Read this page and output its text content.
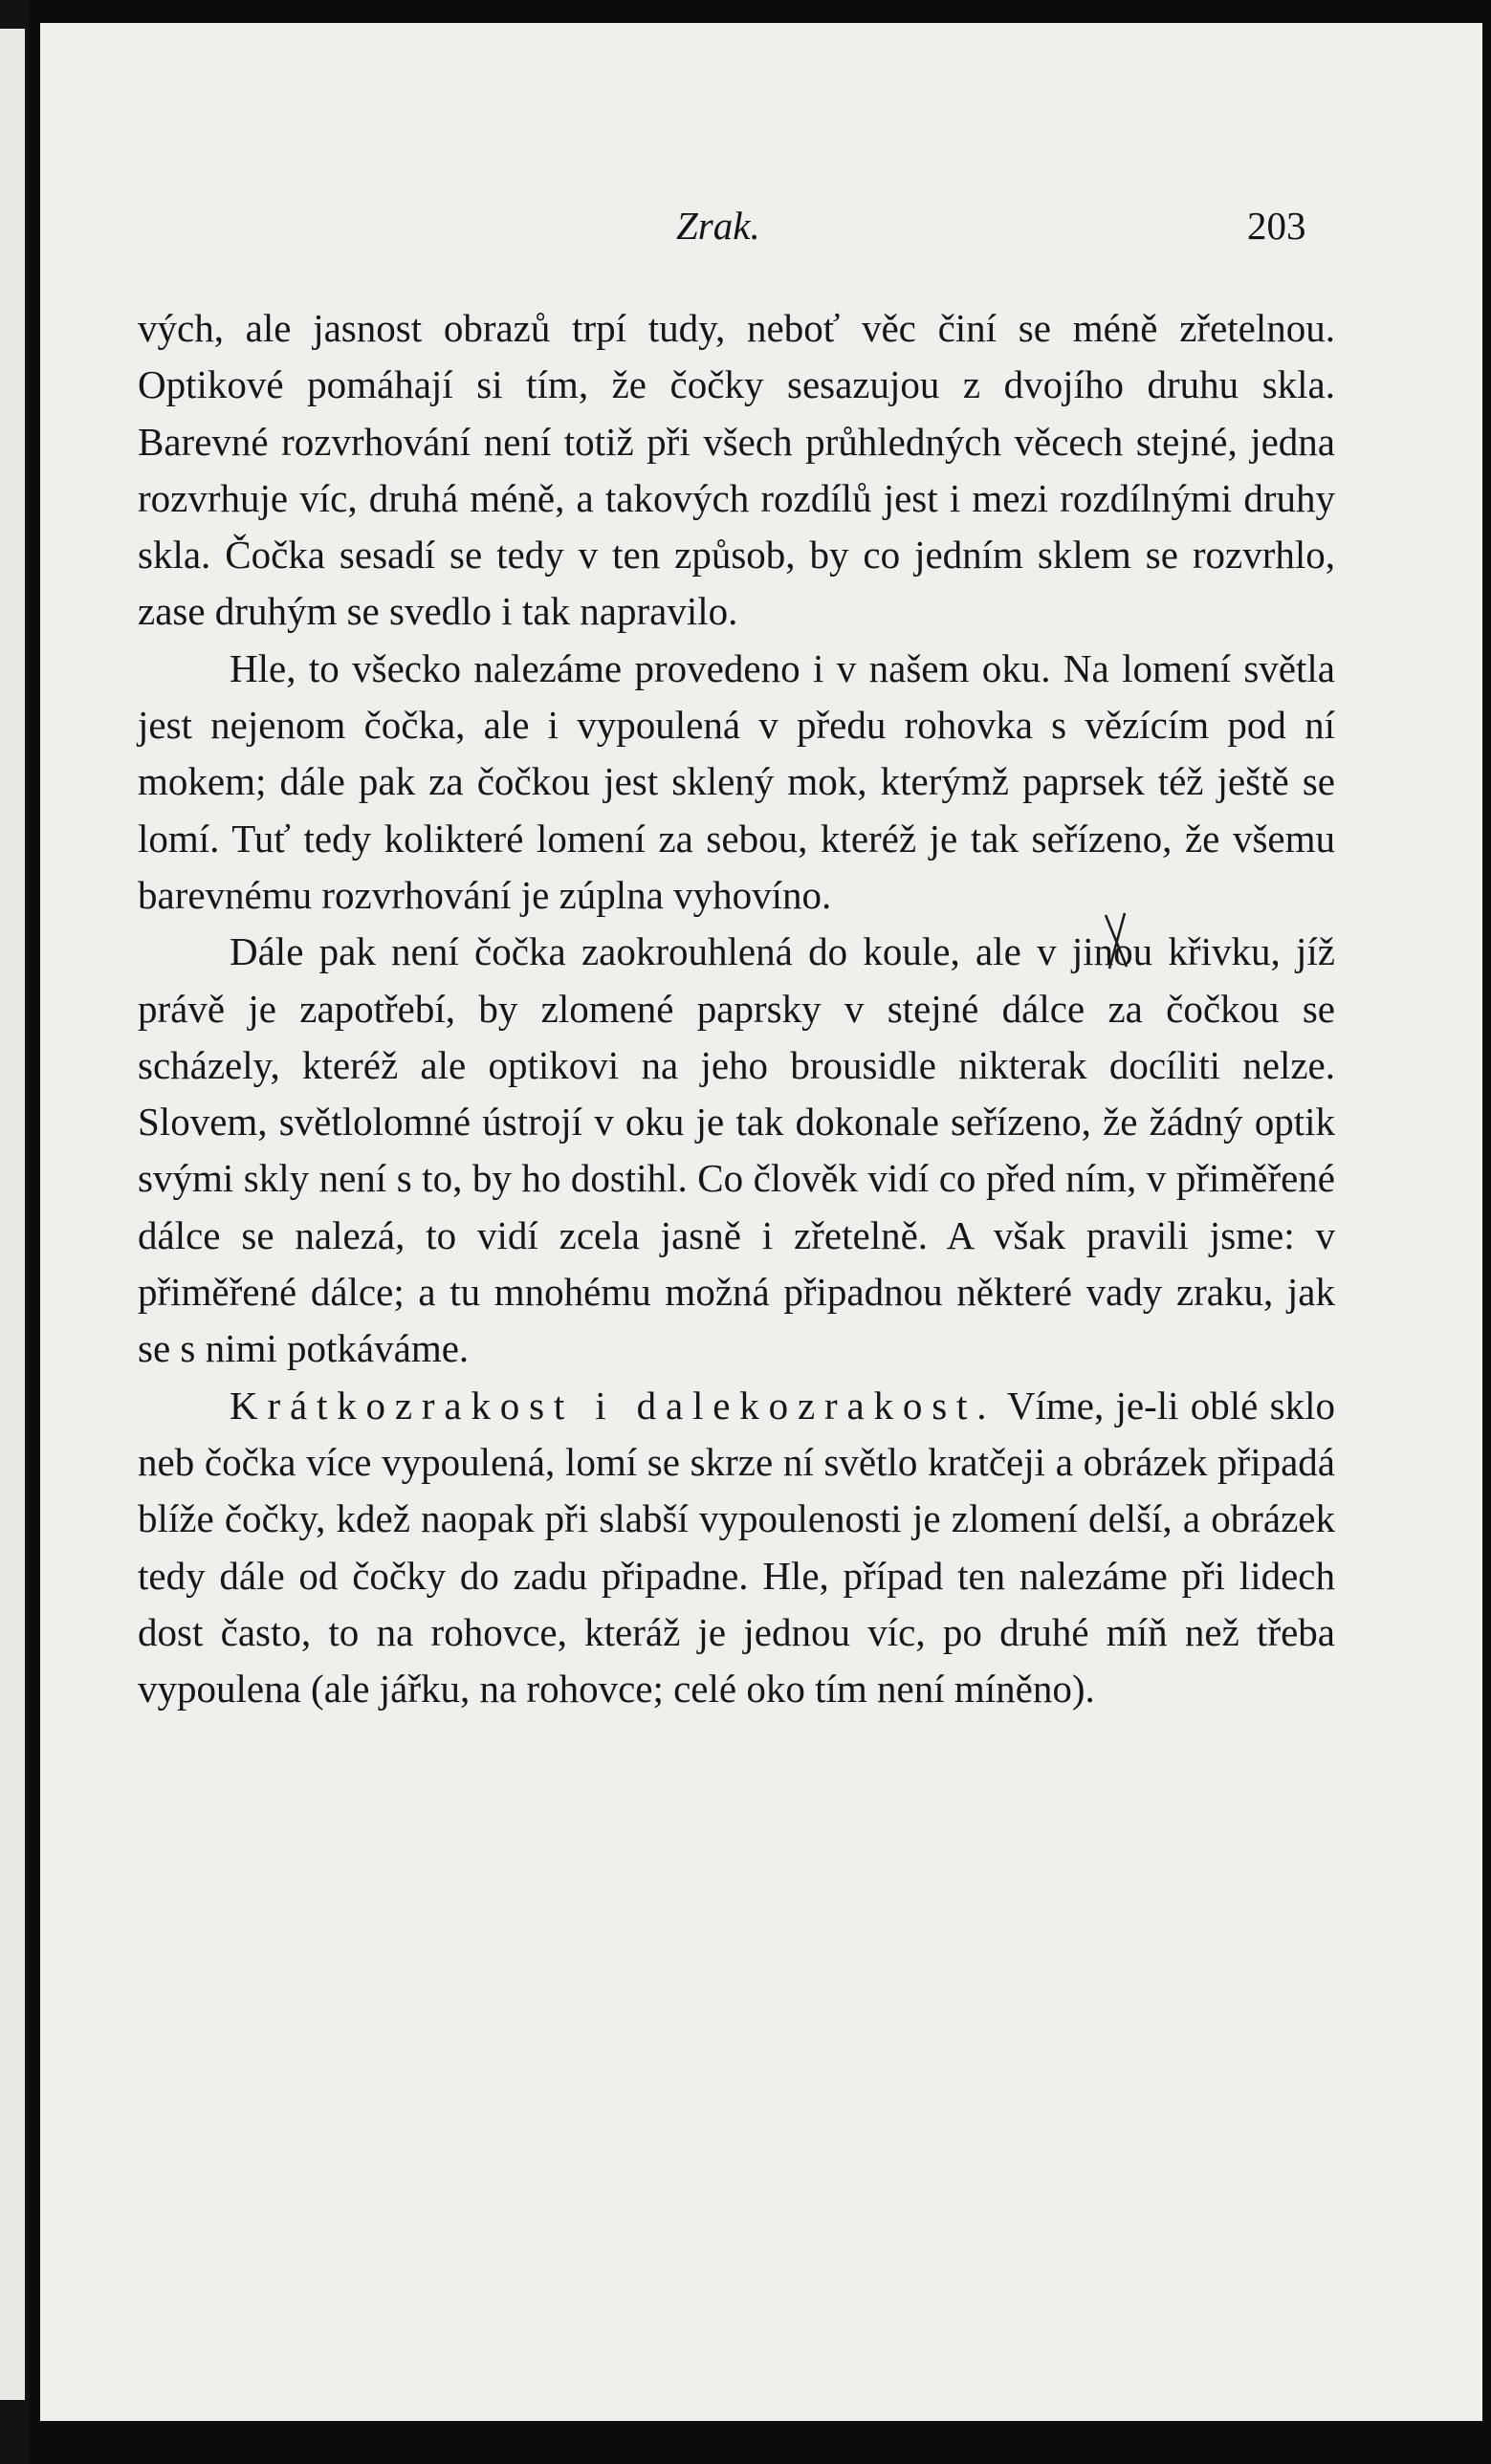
Zrak.	203

vých, ale jasnost obrazů trpí tudy, neboť věc činí se méně zřetelnou. Optikové pomáhají si tím, že čočky sesazujou z dvojího druhu skla. Barevné rozvrhování není totiž při všech průhledných věcech stejné, jedna rozvrhuje víc, druhá méně, a takových rozdílů jest i mezi rozdílnými druhy skla. Čočka sesadí se tedy v ten způsob, by co jedním sklem se rozvrhlo, zase druhým se svedlo i tak napravilo.

Hle, to všecko nalezáme provedeno i v našem oku. Na lomení světla jest nejenom čočka, ale i vypoulená v předu rohovka s vězícím pod ní mokem; dále pak za čočkou jest sklený mok, kterýmž paprsek též ještě se lomí. Tuť tedy kolikteré lomení za sebou, kteréž je tak seřízeno, že všemu barevnému rozvrhování je zúplna vyhovíno.

Dále pak není čočka zaokrouhlená do koule, ale v jinou křivku, jíž právě je zapotřebí, by zlomené paprsky v stejné dálce za čočkou se scházely, kteréž ale optikovi na jeho brousidle nikterak docíliti nelze. Slovem, světlolomné ústrojí v oku je tak dokonale seřízeno, že žádný optik svými skly není s to, by ho dostihl. Co člověk vidí co před ním, v přiměřené dálce se nalezá, to vidí zcela jasně i zřetelně. A však pravili jsme: v přiměřené dálce; a tu mnohému možná připadnou některé vady zraku, jak se s nimi potkáváme.

Krátkozrakost i dalekozrakost. Víme, je-li oblé sklo neb čočka více vypoulená, lomí se skrze ní světlo kratčeji a obrázek připadá blíže čočky, kdež naopak při slabší vypoulenosti je zlomení delší, a obrázek tedy dále od čočky do zadu připadne. Hle, případ ten nalezáme při lidech dost často, to na rohovce, kteráž je jednou víc, po druhé míň než třeba vypoulena (ale jářku, na rohovce; celé oko tím není míněno).
